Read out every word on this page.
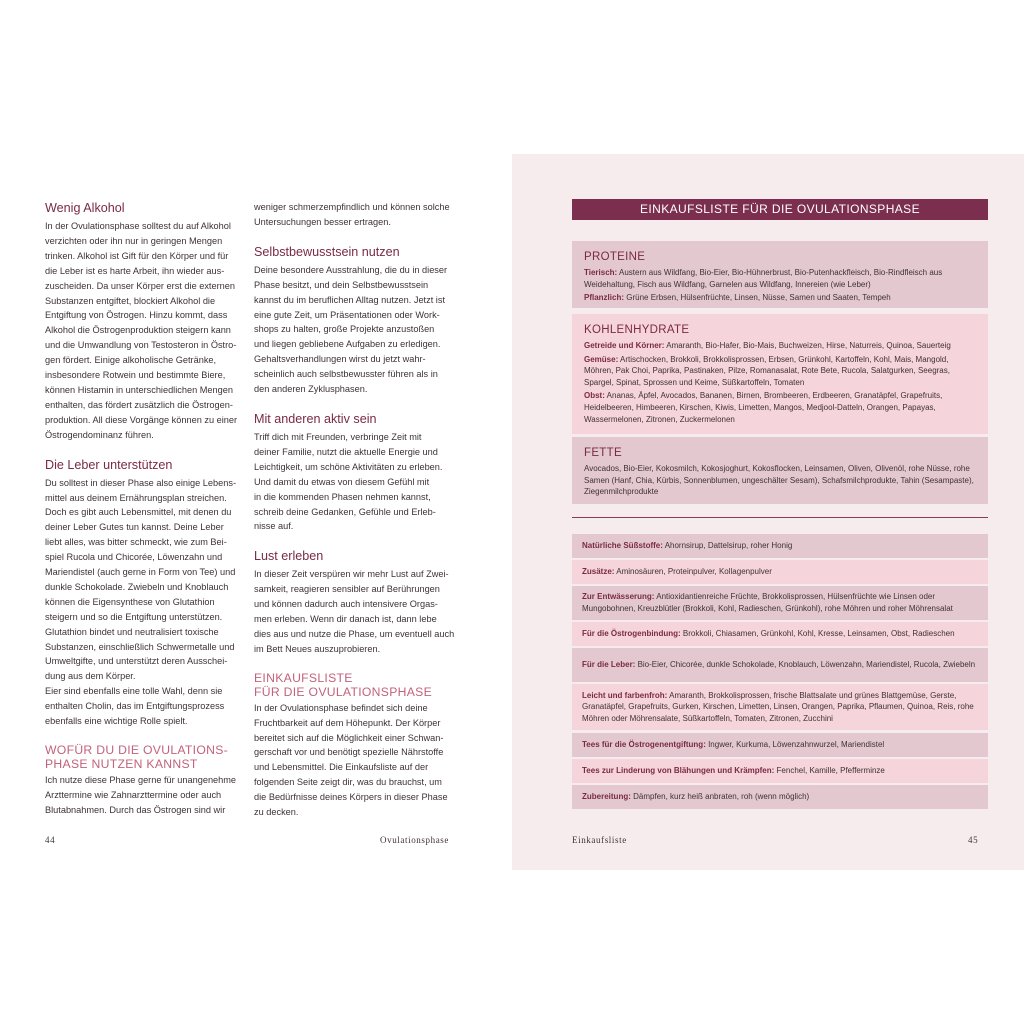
Wenig Alkohol

In der Ovulationsphase solltest du auf Alkohol
verzichten oder ihn nur in geringen Mengen
trinken. Alkohol ist Gift für den Körper und für
die Leber ist es harte Arbeit, ihn wieder aus-
zuscheiden. Da unser Körper erst die externen
Substanzen entgiftet, blockiert Alkohol die
Entgiftung von Östrogen. Hinzu kommt, dass
Alkohol die Östrogenproduktion steigern kann
und die Umwandlung von Testosteron in Östro-
gen fördert. Einige alkoholische Getränke,
insbesondere Rotwein und bestimmte Biere,
können Histamin in unterschiedlichen Mengen
enthalten, das fördert zusätzlich die Östrogen-
produktion. All diese Vorgänge können zu einer
Östrogendominanz führen.

Die Leber unterstützen

Du solltest in dieser Phase also einige Lebens-
mittel aus deinem Ernährungsplan streichen.
Doch es gibt auch Lebensmittel, mit denen du
deiner Leber Gutes tun kannst. Deine Leber
liebt alles, was bitter schmeckt, wie zum Bei-
spiel Rucola und Chicorée, Löwenzahn und
Mariendistel (auch gerne in Form von Tee) und
dunkle Schokolade. Zwiebeln und Knoblauch
können die Eigensynthese von Glutathion
steigern und so die Entgiftung unterstützen.
Glutathion bindet und neutralisiert toxische
Substanzen, einschließlich Schwermetalle und
Umweltgifte, und unterstützt deren Ausschei-
dung aus dem Körper.
Eier sind ebenfalls eine tolle Wahl, denn sie
enthalten Cholin, das im Entgiftungsprozess
ebenfalls eine wichtige Rolle spielt.

WOFÜR DU DIE OVULATIONS-
PHASE NUTZEN KANNST

Ich nutze diese Phase gerne für unangenehme
Arzttermine wie Zahnarzttermine oder auch
Blutabnahmen. Durch das Östrogen sind wir

weniger schmerzempfindlich und können solche
Untersuchungen besser ertragen.

Selbstbewusstsein nutzen

Deine besondere Ausstrahlung, die du in dieser
Phase besitzt, und dein Selbstbewusstsein
kannst du im beruflichen Alltag nutzen. Jetzt ist
eine gute Zeit, um Präsentationen oder Work-
shops zu halten, große Projekte anzustoßen
und liegen gebliebene Aufgaben zu erledigen.
Gehaltsverhandlungen wirst du jetzt wahr-
scheinlich auch selbstbewusster führen als in
den anderen Zyklusphasen.

Mit anderen aktiv sein

Triff dich mit Freunden, verbringe Zeit mit
deiner Familie, nutzt die aktuelle Energie und
Leichtigkeit, um schöne Aktivitäten zu erleben.
Und damit du etwas von diesem Gefühl mit
in die kommenden Phasen nehmen kannst,
schreib deine Gedanken, Gefühle und Erleb-
nisse auf.

Lust erleben

In dieser Zeit verspüren wir mehr Lust auf Zwei-
samkeit, reagieren sensibler auf Berührungen
und können dadurch auch intensivere Orgas-
men erleben. Wenn dir danach ist, dann lebe
dies aus und nutze die Phase, um eventuell auch
im Bett Neues auszuprobieren.

EINKAUFSLISTE
FÜR DIE OVULATIONSPHASE

In der Ovulationsphase befindet sich deine
Fruchtbarkeit auf dem Höhepunkt. Der Körper
bereitet sich auf die Möglichkeit einer Schwan-
gerschaft vor und benötigt spezielle Nährstoffe
und Lebensmittel. Die Einkaufsliste auf der
folgenden Seite zeigt dir, was du brauchst, um
die Bedürfnisse deines Körpers in dieser Phase
zu decken.

44	Ovulationsphase
EINKAUFSLISTE FÜR DIE OVULATIONSPHASE
PROTEINE
Tierisch: Austern aus Wildfang, Bio-Eier, Bio-Hühnerbrust, Bio-Putenhackfleisch, Bio-Rindfleisch aus Weidehaltung, Fisch aus Wildfang, Garnelen aus Wildfang, Innereien (wie Leber)
Pflanzlich: Grüne Erbsen, Hülsenfrüchte, Linsen, Nüsse, Samen und Saaten, Tempeh
KOHLENHYDRATE
Getreide und Körner: Amaranth, Bio-Hafer, Bio-Mais, Buchweizen, Hirse, Naturreis, Quinoa, Sauerteig
Gemüse: Artischocken, Brokkoli, Brokkolisprossen, Erbsen, Grünkohl, Kartoffeln, Kohl, Mais, Mangold, Möhren, Pak Choi, Paprika, Pastinaken, Pilze, Romanasalat, Rote Bete, Rucola, Salatgurken, Seegras, Spargel, Spinat, Sprossen und Keime, Süßkartoffeln, Tomaten
Obst: Ananas, Äpfel, Avocados, Bananen, Birnen, Brombeeren, Erdbeeren, Granatäpfel, Grapefruits, Heidelbeeren, Himbeeren, Kirschen, Kiwis, Limetten, Mangos, Medjool-Datteln, Orangen, Papayas, Wassermelonen, Zitronen, Zuckermelonen
FETTE
Avocados, Bio-Eier, Kokosmilch, Kokosjoghurt, Kokosflocken, Leinsamen, Oliven, Olivenöl, rohe Nüsse, rohe Samen (Hanf, Chia, Kürbis, Sonnenblumen, ungeschälter Sesam), Schafsmilchprodukte, Tahin (Sesampaste), Ziegenmilchprodukte
Natürliche Süßstoffe: Ahornsirup, Dattelsirup, roher Honig
Zusätze: Aminosäuren, Proteinpulver, Kollagenpulver
Zur Entwässerung: Antioxidantienreiche Früchte, Brokkolisprossen, Hülsenfrüchte wie Linsen oder Mungobohnen, Kreuzblütler (Brokkoli, Kohl, Radieschen, Grünkohl), rohe Möhren und roher Möhrensalat
Für die Östrogenbindung: Brokkoli, Chiasamen, Grünkohl, Kohl, Kresse, Leinsamen, Obst, Radieschen
Für die Leber: Bio-Eier, Chicorée, dunkle Schokolade, Knoblauch, Löwenzahn, Mariendistel, Rucola, Zwiebeln
Leicht und farbenfroh: Amaranth, Brokkolisprossen, frische Blattsalate und grünes Blattgemüse, Gerste, Granatäpfel, Grapefruits, Gurken, Kirschen, Limetten, Linsen, Orangen, Paprika, Pflaumen, Quinoa, Reis, rohe Möhren oder Möhrensalate, Süßkartoffeln, Tomaten, Zitronen, Zucchini
Tees für die Östrogenentgiftung: Ingwer, Kurkuma, Löwenzahnwurzel, Mariendistel
Tees zur Linderung von Blähungen und Krämpfen: Fenchel, Kamille, Pfefferminze
Zubereitung: Dämpfen, kurz heiß anbraten, roh (wenn möglich)
Einkaufsliste	45
